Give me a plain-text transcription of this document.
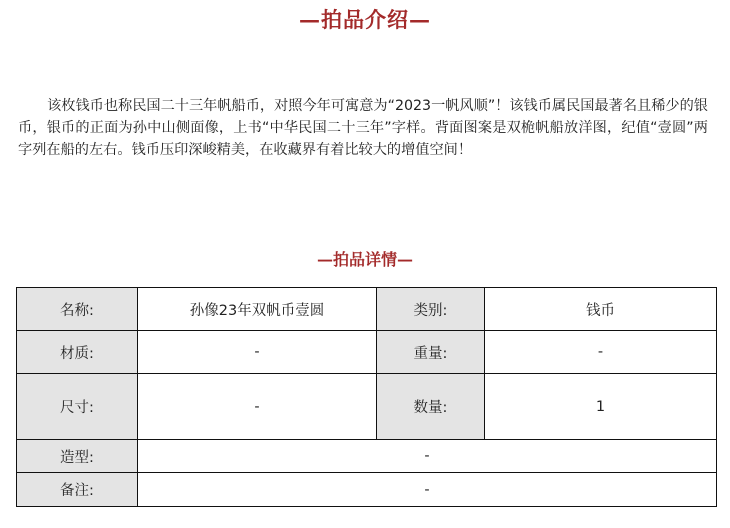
—拍品介绍—

该枚钱币也称民国二十三年帆船币，对照今年可寓意为“2023一帆风顺”！该钱币属民国最著名且稀少的银币，银币的正面为孙中山侧面像，上书“中华民国二十三年”字样。背面图案是双桅帆船放洋图，纪值“壹圆”两字列在船的左右。钱币压印深峻精美，在收藏界有着比较大的增值空间！

—拍品详情—
名称:	孙像23年双帆币壹圆	类别:	钱币
材质:	-	重量:	-
尺寸:	-	数量:	1
造型:	-		
备注:	-		
